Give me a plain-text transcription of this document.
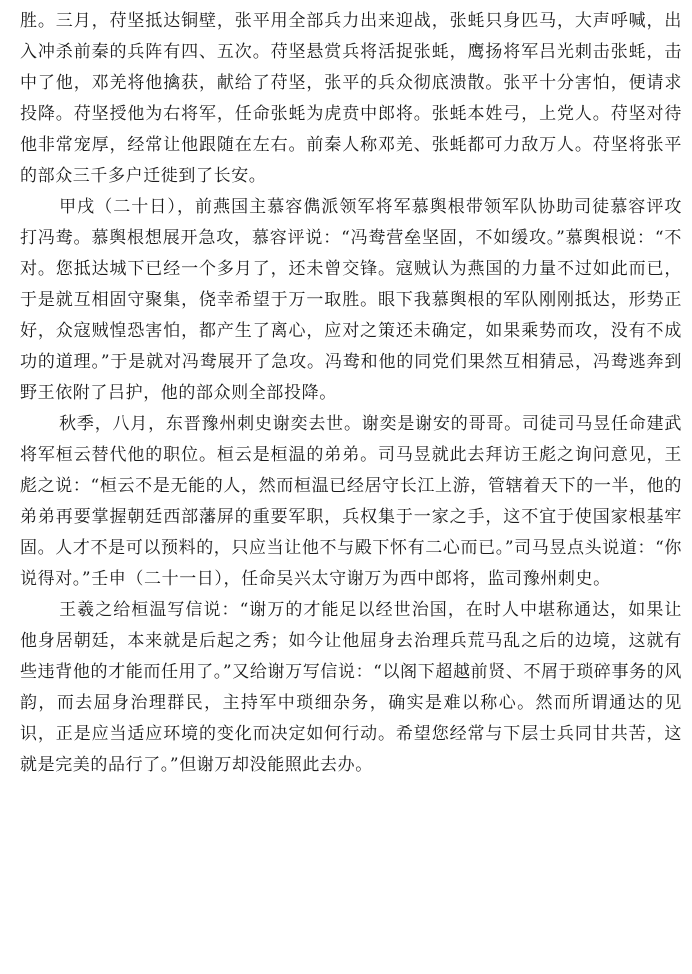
胜。三月，苻坚抵达铜壁，张平用全部兵力出来迎战，张蚝只身匹马，大声呼喊，出入冲杀前秦的兵阵有四、五次。苻坚悬赏兵将活捉张蚝，鹰扬将军吕光刺击张蚝，击中了他，邓羌将他擒获，献给了苻坚，张平的兵众彻底溃散。张平十分害怕，便请求投降。苻坚授他为右将军，任命张蚝为虎贲中郎将。张蚝本姓弓，上党人。苻坚对待他非常宠厚，经常让他跟随在左右。前秦人称邓羌、张蚝都可力敌万人。苻坚将张平的部众三千多户迁徙到了长安。

甲戌（二十日），前燕国主慕容儁派领军将军慕舆根带领军队协助司徒慕容评攻打冯鸯。慕舆根想展开急攻，慕容评说：“冯鸯营垒坚固，不如缓攻。”慕舆根说：“不对。您抵达城下已经一个多月了，还未曾交锋。寇贼认为燕国的力量不过如此而已，于是就互相固守聚集，侥幸希望于万一取胜。眼下我慕舆根的军队刚刚抵达，形势正好，众寇贼惶恐害怕，都产生了离心，应对之策还未确定，如果乘势而攻，没有不成功的道理。”于是就对冯鸯展开了急攻。冯鸯和他的同党们果然互相猜忌，冯鸯逃奔到野王依附了吕护，他的部众则全部投降。

秋季，八月，东晋豫州刺史谢奕去世。谢奕是谢安的哥哥。司徒司马昱任命建武将军桓云替代他的职位。桓云是桓温的弟弟。司马昱就此去拜访王彪之询问意见，王彪之说：“桓云不是无能的人，然而桓温已经居守长江上游，管辖着天下的一半，他的弟弟再要掌握朝廷西部藩屏的重要军职，兵权集于一家之手，这不宜于使国家根基牢固。人才不是可以预料的，只应当让他不与殿下怀有二心而已。”司马昱点头说道：“你说得对。”壬申（二十一日），任命吴兴太守谢万为西中郎将，监司豫州刺史。

王羲之给桓温写信说：“谢万的才能足以经世治国，在时人中堪称通达，如果让他身居朝廷，本来就是后起之秀；如今让他屈身去治理兵荒马乱之后的边境，这就有些违背他的才能而任用了。”又给谢万写信说：“以阁下超越前贤、不屑于琐碎事务的风韵，而去屈身治理群民，主持军中琐细杂务，确实是难以称心。然而所谓通达的见识，正是应当适应环境的变化而决定如何行动。希望您经常与下层士兵同甘共苦，这就是完美的品行了。”但谢万却没能照此去办。
